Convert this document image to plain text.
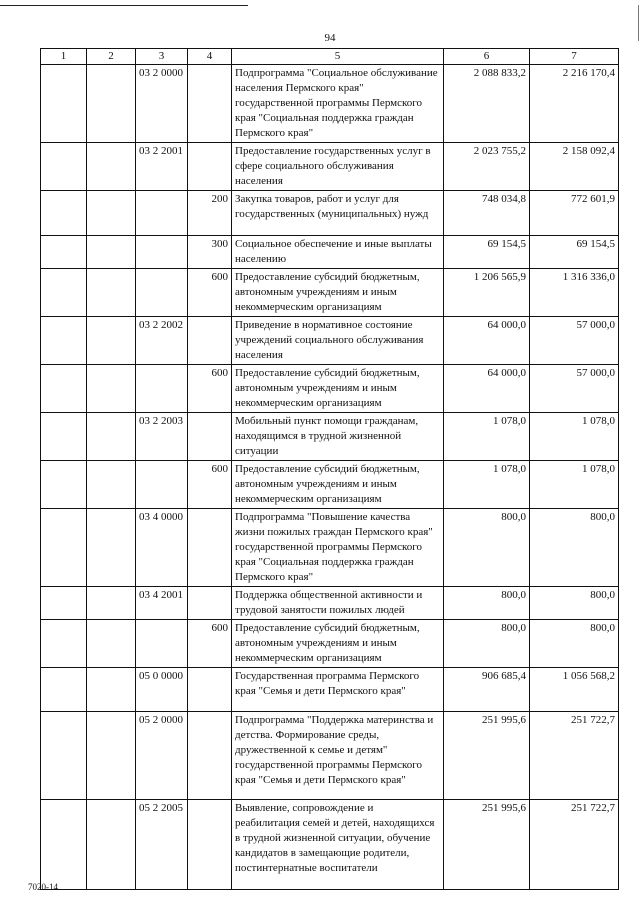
94
1	2	3	4	5	6	7
		03 2 0000		Подпрограмма "Социальное обслуживание населения Пермского края" государственной программы Пермского края "Социальная поддержка граждан Пермского края"	2 088 833,2	2 216 170,4
		03 2 2001		Предоставление государственных услуг в сфере социального обслуживания населения	2 023 755,2	2 158 092,4
			200	Закупка товаров, работ и услуг для государственных (муниципальных) нужд	748 034,8	772 601,9
			300	Социальное обеспечение и иные выплаты населению	69 154,5	69 154,5
			600	Предоставление субсидий бюджетным, автономным учреждениям и иным некоммерческим организациям	1 206 565,9	1 316 336,0
		03 2 2002		Приведение в нормативное состояние учреждений социального обслуживания населения	64 000,0	57 000,0
			600	Предоставление субсидий бюджетным, автономным учреждениям и иным некоммерческим организациям	64 000,0	57 000,0
		03 2 2003		Мобильный пункт помощи гражданам, находящимся в трудной жизненной ситуации	1 078,0	1 078,0
			600	Предоставление субсидий бюджетным, автономным учреждениям и иным некоммерческим организациям	1 078,0	1 078,0
		03 4 0000		Подпрограмма "Повышение качества жизни пожилых граждан Пермского края" государственной программы Пермского края "Социальная поддержка граждан Пермского края"	800,0	800,0
		03 4 2001		Поддержка общественной активности и трудовой занятости пожилых людей	800,0	800,0
			600	Предоставление субсидий бюджетным, автономным учреждениям и иным некоммерческим организациям	800,0	800,0
		05 0 0000		Государственная программа Пермского края "Семья и дети Пермского края"	906 685,4	1 056 568,2
		05 2 0000		Подпрограмма "Поддержка материнства и детства. Формирование среды, дружественной к семье и детям" государственной программы Пермского края "Семья и дети Пермского края"	251 995,6	251 722,7
		05 2 2005		Выявление, сопровождение и реабилитация семей и детей, находящихся в трудной жизненной ситуации, обучение кандидатов в замещающие родители, постинтернатные воспитатели	251 995,6	251 722,7
7020-14
